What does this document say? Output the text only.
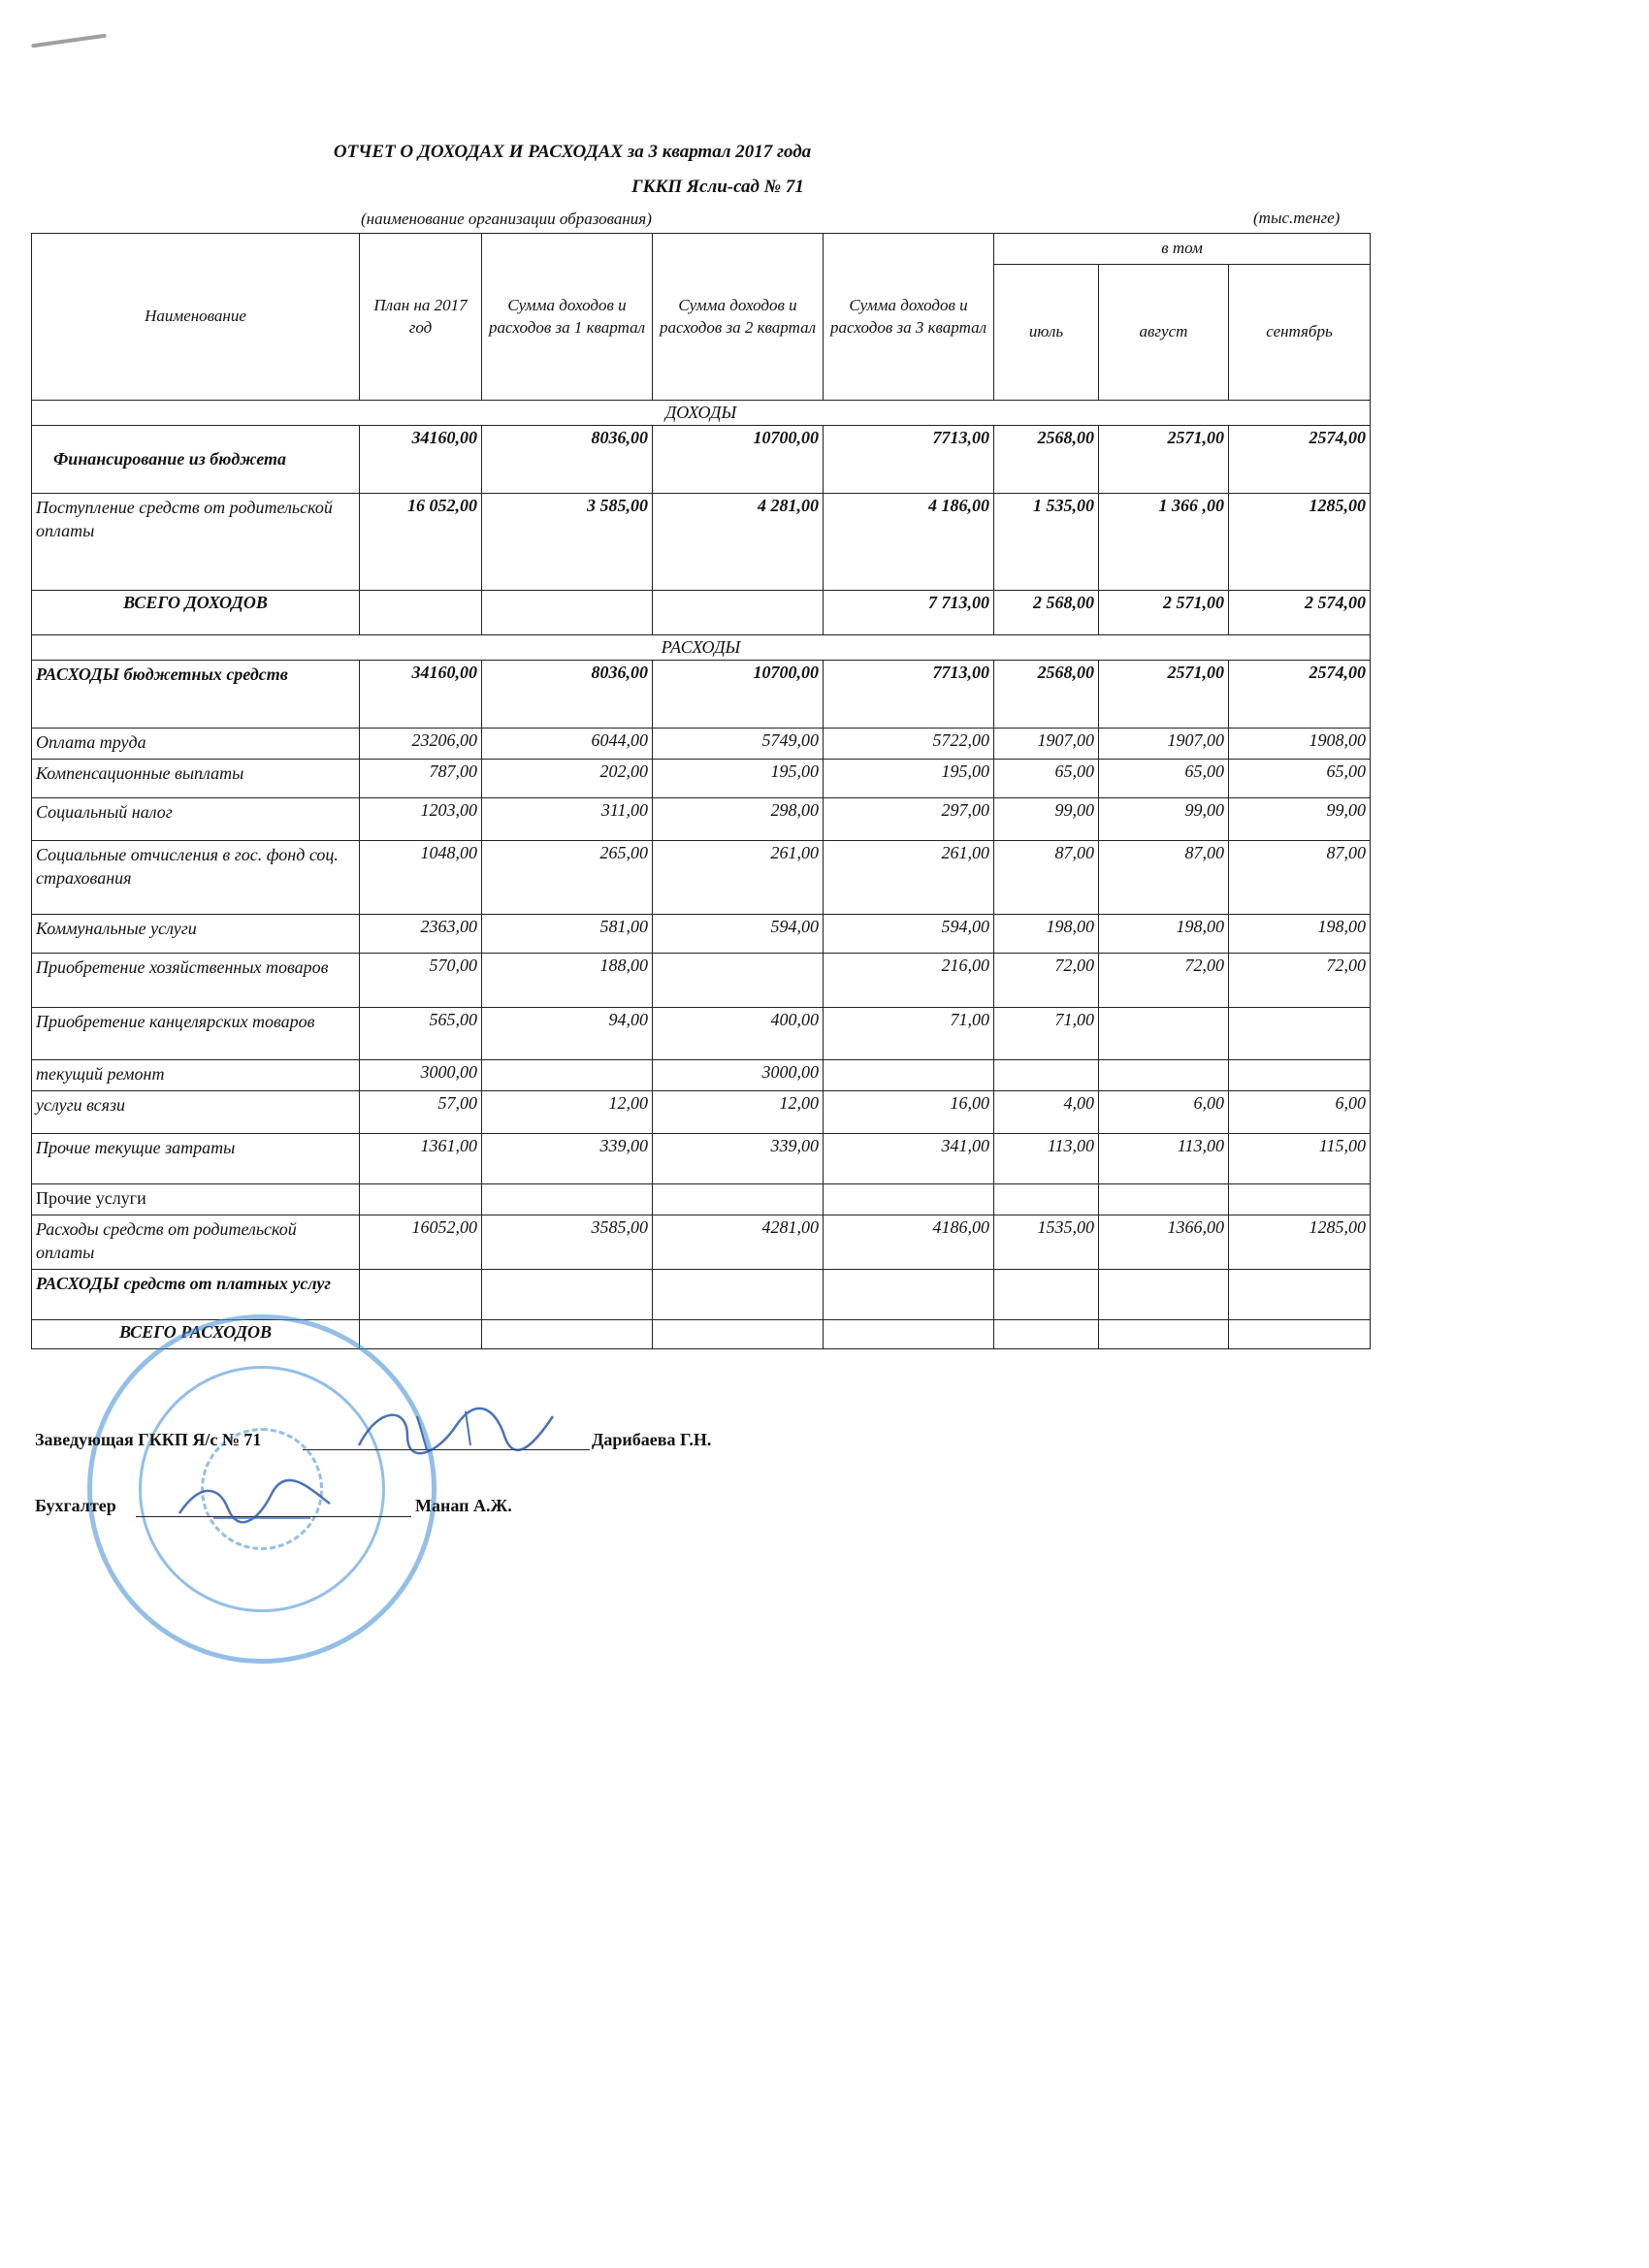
ОТЧЕТ О ДОХОДАХ И РАСХОДАХ за 3 квартал 2017 года
ГККП Ясли-сад № 71
(наименование организации образования)	(тыс.тенге)
Наименование	План на 2017 год	Сумма доходов и расходов за 1 квартал	Сумма доходов и расходов за 2 квартал	Сумма доходов и расходов за 3 квартал	в том		
					июль	август	сентябрь
ДОХОДЫ							
Финансирование из бюджета	34160,00	8036,00	10700,00	7713,00	2568,00	2571,00	2574,00
Поступление средств от родительской оплаты	16 052,00	3 585,00	4 281,00	4 186,00	1 535,00	1 366 ,00	1285,00
ВСЕГО ДОХОДОВ				7 713,00	2 568,00	2 571,00	2 574,00
РАСХОДЫ							
РАСХОДЫ бюджетных средств	34160,00	8036,00	10700,00	7713,00	2568,00	2571,00	2574,00
Оплата труда	23206,00	6044,00	5749,00	5722,00	1907,00	1907,00	1908,00
Компенсационные выплаты	787,00	202,00	195,00	195,00	65,00	65,00	65,00
Социальный налог	1203,00	311,00	298,00	297,00	99,00	99,00	99,00
Социальные отчисления в гос. фонд соц. страхования	1048,00	265,00	261,00	261,00	87,00	87,00	87,00
Коммунальные услуги	2363,00	581,00	594,00	594,00	198,00	198,00	198,00
Приобретение хозяйственных товаров	570,00	188,00		216,00	72,00	72,00	72,00
Приобретение канцелярских товаров	565,00	94,00	400,00	71,00	71,00		
текущий ремонт	3000,00		3000,00				
услуги всязи	57,00	12,00	12,00	16,00	4,00	6,00	6,00
Прочие текущие затраты	1361,00	339,00	339,00	341,00	113,00	113,00	115,00
Прочие услуги							
Расходы средств от родительской оплаты	16052,00	3585,00	4281,00	4186,00	1535,00	1366,00	1285,00
РАСХОДЫ средств от платных услуг							
ВСЕГО РАСХОДОВ							
Заведующая ГККП Я/с № 71	Дарибаева Г.Н.
Бухгалтер	Манап А.Ж.
